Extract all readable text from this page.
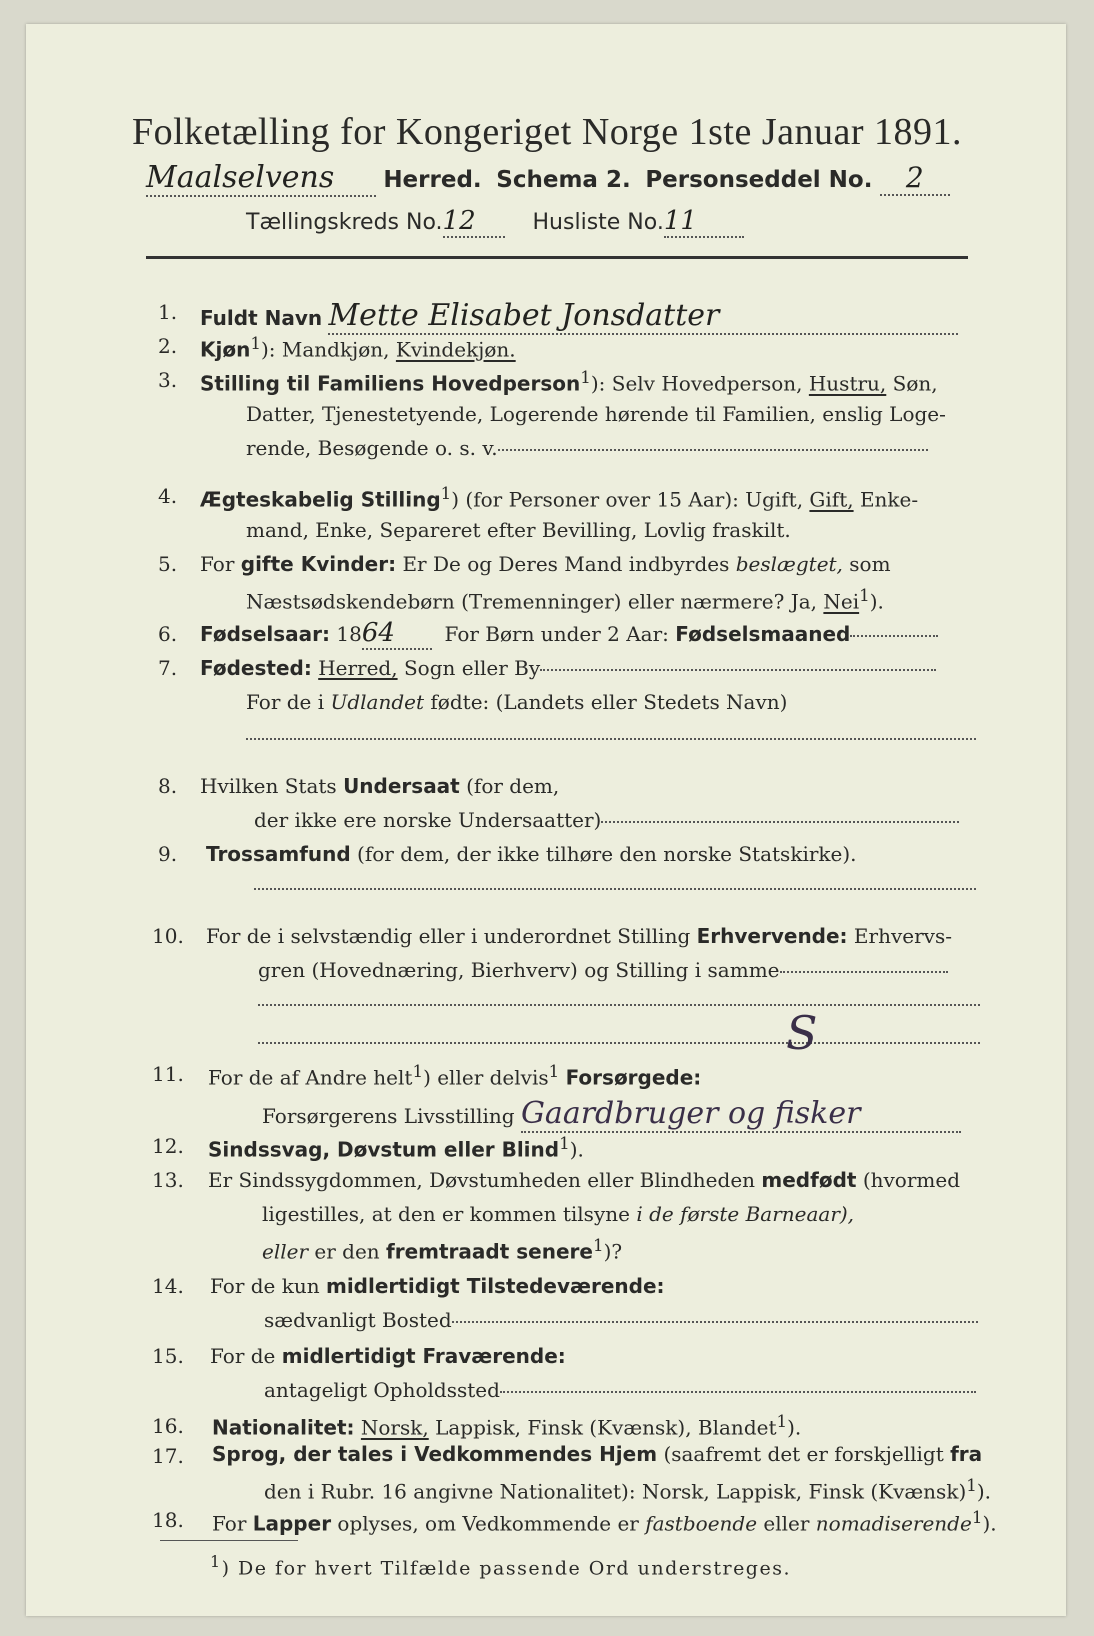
Folketælling for Kongeriget Norge 1ste Januar 1891.
Maalselvens Herred. Schema 2. Personseddel No. 2
Tællingskreds No.12	Husliste No.11
1. Fuldt Navn Mette Elisabet Jonsdatter
2. Kjøn$^1$): Mandkjøn, Kvindekjøn.
3. Stilling til Familiens Hovedperson$^1$): Selv Hovedperson, Hustru, Søn,
Datter, Tjenestetyende, Logerende hørende til Familien, enslig Loge-
rende, Besøgende o. s. v.
4. Ægteskabelig Stilling$^1$) (for Personer over 15 Aar): Ugift, Gift, Enke-
mand, Enke, Separeret efter Bevilling, Lovlig fraskilt.
5. For gifte Kvinder: Er De og Deres Mand indbyrdes beslægtet, som
Næstsødskendebørn (Tremenninger) eller nærmere? Ja, Nei$^1$).
6. Fødselsaar: 1864 For Børn under 2 Aar: Fødselsmaaned
7. Fødested: Herred, Sogn eller By
For de i Udlandet fødte: (Landets eller Stedets Navn)
8. Hvilken Stats Undersaat (for dem,
der ikke ere norske Undersaatter)
9. Trossamfund (for dem, der ikke tilhøre den norske Statskirke).
10. For de i selvstændig eller i underordnet Stilling Erhvervende: Erhvervs-
gren (Hovednæring, Bierhverv) og Stilling i samme
11. For de af Andre helt$^1$) eller delvis$^1$ Forsørgede:
S
Forsørgerens Livsstilling Gaardbruger og fisker
12. Sindssvag, Døvstum eller Blind$^1$).
13. Er Sindssygdommen, Døvstumheden eller Blindheden medfødt (hvormed
ligestilles, at den er kommen tilsyne i de første Barneaar),
eller er den fremtraadt senere$^1$)?
14. For de kun midlertidigt Tilstedeværende:
sædvanligt Bosted
15. For de midlertidigt Fraværende:
antageligt Opholdssted
16. Nationalitet: Norsk, Lappisk, Finsk (Kvænsk), Blandet$^1$).
17. Sprog, der tales i Vedkommendes Hjem (saafremt det er forskjelligt fra
den i Rubr. 16 angivne Nationalitet): Norsk, Lappisk, Finsk (Kvænsk)$^1$).
18. For Lapper oplyses, om Vedkommende er fastboende eller nomadiserende$^1$).
$^1$) De for hvert Tilfælde passende Ord understreges.
